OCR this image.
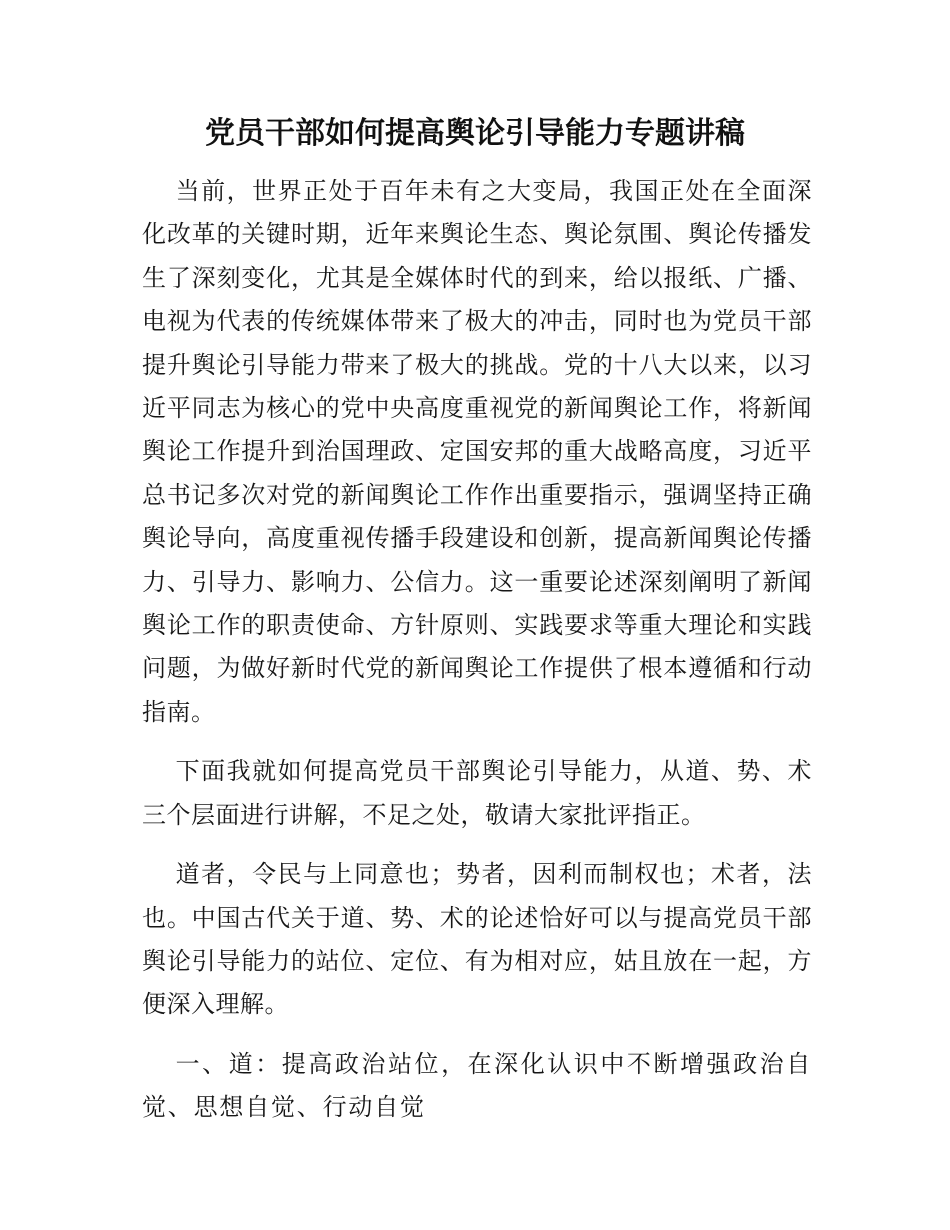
党员干部如何提高舆论引导能力专题讲稿

当前，世界正处于百年未有之大变局，我国正处在全面深化改革的关键时期，近年来舆论生态、舆论氛围、舆论传播发生了深刻变化，尤其是全媒体时代的到来，给以报纸、广播、电视为代表的传统媒体带来了极大的冲击，同时也为党员干部提升舆论引导能力带来了极大的挑战。党的十八大以来，以习近平同志为核心的党中央高度重视党的新闻舆论工作，将新闻舆论工作提升到治国理政、定国安邦的重大战略高度，习近平总书记多次对党的新闻舆论工作作出重要指示，强调坚持正确舆论导向，高度重视传播手段建设和创新，提高新闻舆论传播力、引导力、影响力、公信力。这一重要论述深刻阐明了新闻舆论工作的职责使命、方针原则、实践要求等重大理论和实践问题，为做好新时代党的新闻舆论工作提供了根本遵循和行动指南。

下面我就如何提高党员干部舆论引导能力，从道、势、术三个层面进行讲解，不足之处，敬请大家批评指正。

道者，令民与上同意也；势者，因利而制权也；术者，法也。中国古代关于道、势、术的论述恰好可以与提高党员干部舆论引导能力的站位、定位、有为相对应，姑且放在一起，方便深入理解。

一、道：提高政治站位，在深化认识中不断增强政治自觉、思想自觉、行动自觉
